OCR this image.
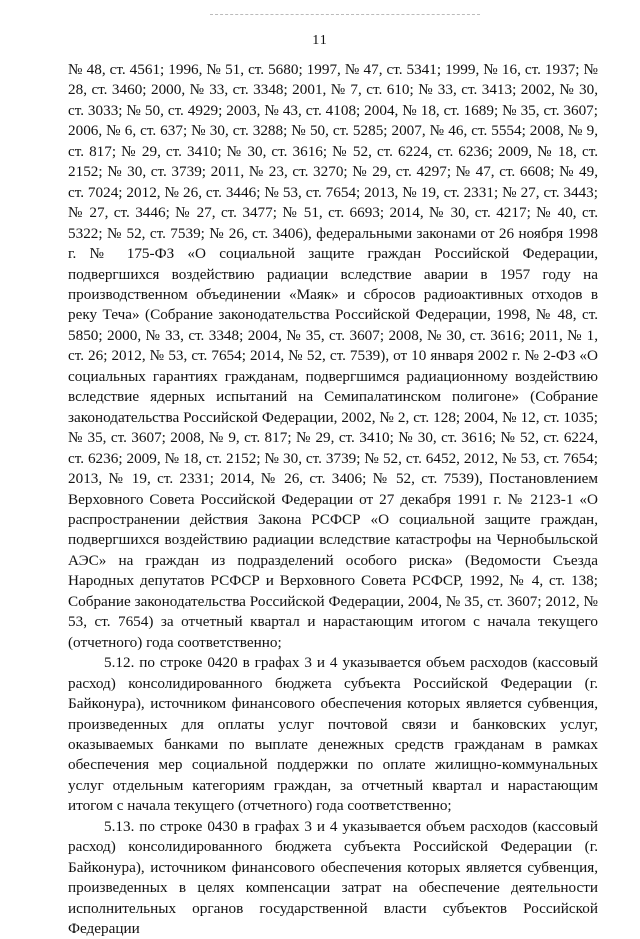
11

№ 48, ст. 4561; 1996, № 51, ст. 5680; 1997, № 47, ст. 5341; 1999, № 16, ст. 1937; № 28, ст. 3460; 2000, № 33, ст. 3348; 2001, № 7, ст. 610; № 33, ст. 3413; 2002, № 30, ст. 3033; № 50, ст. 4929; 2003, № 43, ст. 4108; 2004, № 18, ст. 1689; № 35, ст. 3607; 2006, № 6, ст. 637; № 30, ст. 3288; № 50, ст. 5285; 2007, № 46, ст. 5554; 2008, № 9, ст. 817; № 29, ст. 3410; № 30, ст. 3616; № 52, ст. 6224, ст. 6236; 2009, № 18, ст. 2152; № 30, ст. 3739; 2011, № 23, ст. 3270; № 29, ст. 4297; № 47, ст. 6608; № 49, ст. 7024; 2012, № 26, ст. 3446; № 53, ст. 7654; 2013, № 19, ст. 2331; № 27, ст. 3443; № 27, ст. 3446; № 27, ст. 3477; № 51, ст. 6693; 2014, № 30, ст. 4217; № 40, ст. 5322; № 52, ст. 7539; № 26, ст. 3406), федеральными законами от 26 ноября 1998 г. № 175-ФЗ «О социальной защите граждан Российской Федерации, подвергшихся воздействию радиации вследствие аварии в 1957 году на производственном объединении «Маяк» и сбросов радиоактивных отходов в реку Теча» (Собрание законодательства Российской Федерации, 1998, № 48, ст. 5850; 2000, № 33, ст. 3348; 2004, № 35, ст. 3607; 2008, № 30, ст. 3616; 2011, № 1, ст. 26; 2012, № 53, ст. 7654; 2014, № 52, ст. 7539), от 10 января 2002 г. № 2-ФЗ «О социальных гарантиях гражданам, подвергшимся радиационному воздействию вследствие ядерных испытаний на Семипалатинском полигоне» (Собрание законодательства Российской Федерации, 2002, № 2, ст. 128; 2004, № 12, ст. 1035; № 35, ст. 3607; 2008, № 9, ст. 817; № 29, ст. 3410; № 30, ст. 3616; № 52, ст. 6224, ст. 6236; 2009, № 18, ст. 2152; № 30, ст. 3739; № 52, ст. 6452, 2012, № 53, ст. 7654; 2013, № 19, ст. 2331; 2014, № 26, ст. 3406; № 52, ст. 7539), Постановлением Верховного Совета Российской Федерации от 27 декабря 1991 г. № 2123-1 «О распространении действия Закона РСФСР «О социальной защите граждан, подвергшихся воздействию радиации вследствие катастрофы на Чернобыльской АЭС» на граждан из подразделений особого риска» (Ведомости Съезда Народных депутатов РСФСР и Верховного Совета РСФСР, 1992, № 4, ст. 138; Собрание законодательства Российской Федерации, 2004, № 35, ст. 3607; 2012, № 53, ст. 7654) за отчетный квартал и нарастающим итогом с начала текущего (отчетного) года соответственно;

5.12. по строке 0420 в графах 3 и 4 указывается объем расходов (кассовый расход) консолидированного бюджета субъекта Российской Федерации (г. Байконура), источником финансового обеспечения которых является субвенция, произведенных для оплаты услуг почтовой связи и банковских услуг, оказываемых банками по выплате денежных средств гражданам в рамках обеспечения мер социальной поддержки по оплате жилищно-коммунальных услуг отдельным категориям граждан, за отчетный квартал и нарастающим итогом с начала текущего (отчетного) года соответственно;

5.13. по строке 0430 в графах 3 и 4 указывается объем расходов (кассовый расход) консолидированного бюджета субъекта Российской Федерации (г. Байконура), источником финансового обеспечения которых является субвенция, произведенных в целях компенсации затрат на обеспечение деятельности исполнительных органов государственной власти субъектов Российской Федерации
